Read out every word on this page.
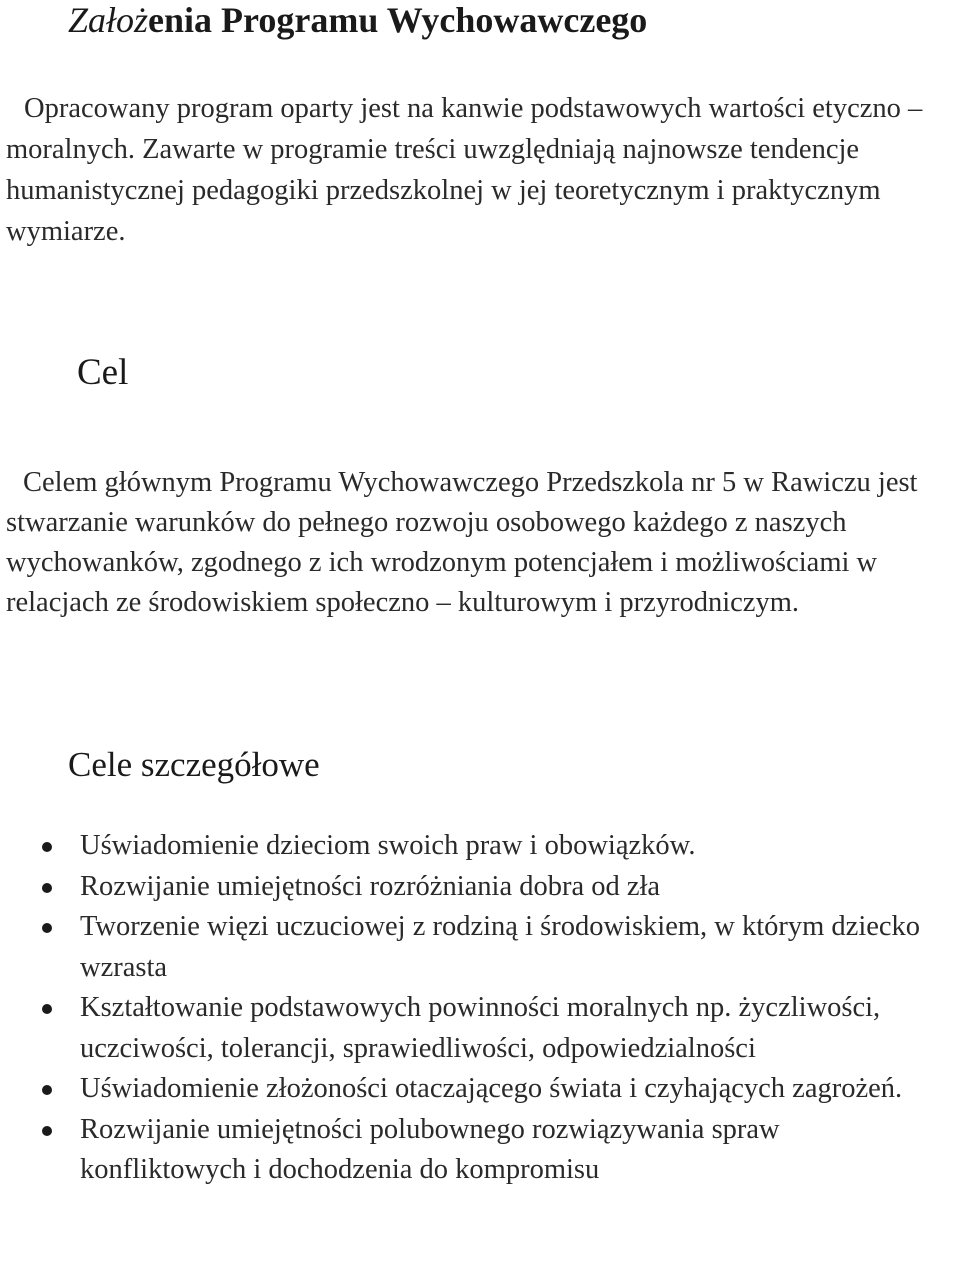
Założenia Programu Wychowawczego

Opracowany program oparty jest na kanwie podstawowych wartości etyczno – moralnych. Zawarte w programie treści uwzględniają najnowsze tendencje humanistycznej pedagogiki przedszkolnej w jej teoretycznym i praktycznym wymiarze.

Cel

Celem głównym Programu Wychowawczego Przedszkola nr 5 w Rawiczu jest stwarzanie warunków do pełnego rozwoju osobowego każdego z naszych wychowanków, zgodnego z ich wrodzonym potencjałem i możliwościami w relacjach ze środowiskiem społeczno – kulturowym i przyrodniczym.

Cele szczegółowe
Uświadomienie dzieciom swoich praw i obowiązków.
Rozwijanie umiejętności rozróżniania dobra od zła
Tworzenie więzi uczuciowej z rodziną i środowiskiem, w którym dziecko wzrasta
Kształtowanie podstawowych powinności moralnych np. życzliwości, uczciwości, tolerancji, sprawiedliwości, odpowiedzialności
Uświadomienie złożoności otaczającego świata i czyhających zagrożeń.
Rozwijanie umiejętności polubownego rozwiązywania spraw konfliktowych i dochodzenia do kompromisu
